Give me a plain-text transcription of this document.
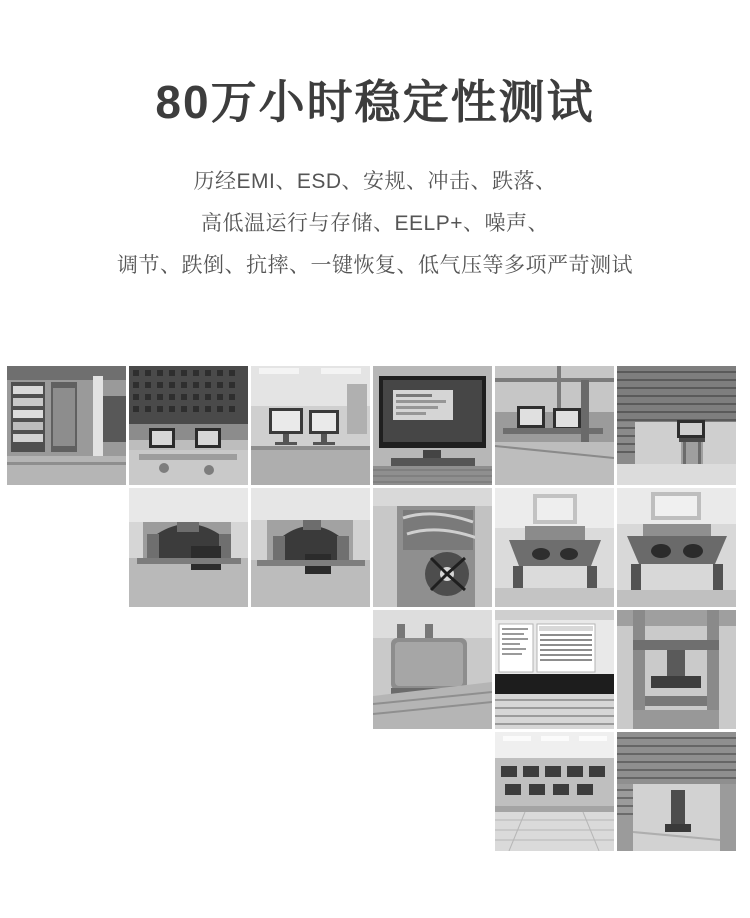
80万小时稳定性测试
历经EMI、ESD、安规、冲击、跌落、
高低温运行与存储、EELP+、噪声、
调节、跌倒、抗摔、一键恢复、低气压等多项严苛测试
